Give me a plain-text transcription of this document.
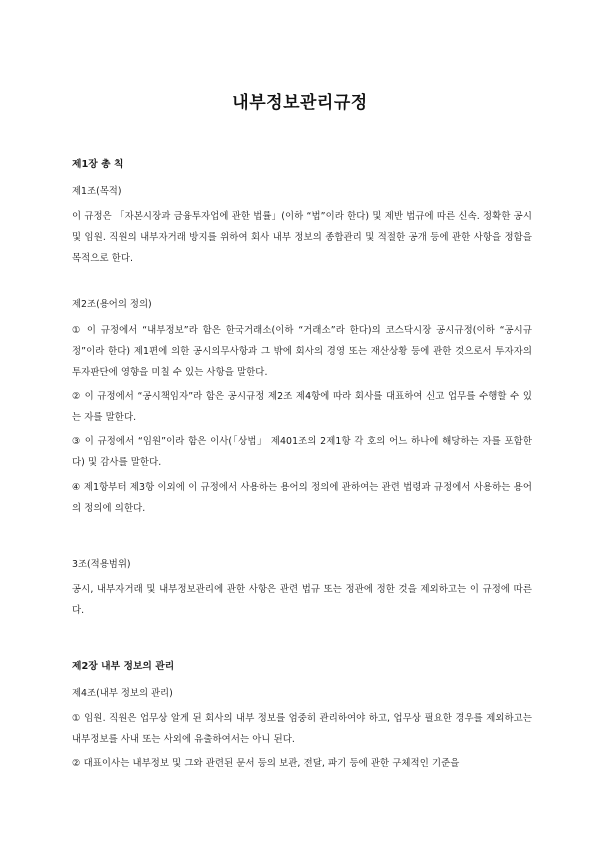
내부정보관리규정
제1장 총 칙
제1조(목적)
이 규정은 「자본시장과 금융투자업에 관한 법률」(이하 “법”이라 한다) 및 제반 법규에 따른 신속. 정확한 공시 및 임원. 직원의 내부자거래 방지를 위하여 회사 내부 정보의 종합관리 및 적절한 공개 등에 관한 사항을 정함을 목적으로 한다.
제2조(용어의 정의)
① 이 규정에서 “내부정보”라 함은 한국거래소(이하 “거래소”라 한다)의 코스닥시장 공시규정(이하 “공시규정”이라 한다) 제1편에 의한 공시의무사항과 그 밖에 회사의 경영 또는 재산상황 등에 관한 것으로서 투자자의 투자판단에 영향을 미칠 수 있는 사항을 말한다.
② 이 규정에서 “공시책임자”라 함은 공시규정 제2조 제4항에 따라 회사를 대표하여 신고 업무를 수행할 수 있는 자를 말한다.
③ 이 규정에서 “임원”이라 함은 이사(「상법」 제401조의 2제1항 각 호의 어느 하나에 해당하는 자를 포함한다) 및 감사를 말한다.
④ 제1항부터 제3항 이외에 이 규정에서 사용하는 용어의 정의에 관하여는 관련 법령과 규정에서 사용하는 용어의 정의에 의한다.
3조(적용범위)
공시, 내부자거래 및 내부정보관리에 관한 사항은 관련 법규 또는 정관에 정한 것을 제외하고는 이 규정에 따른다.
제2장 내부 정보의 관리
제4조(내부 정보의 관리)
① 임원. 직원은 업무상 알게 된 회사의 내부 정보를 엄중히 관리하여야 하고, 업무상 필요한 경우를 제외하고는 내부정보를 사내 또는 사외에 유출하여서는 아니 된다.
② 대표이사는 내부정보 및 그와 관련된 문서 등의 보관, 전달, 파기 등에 관한 구체적인 기준을
